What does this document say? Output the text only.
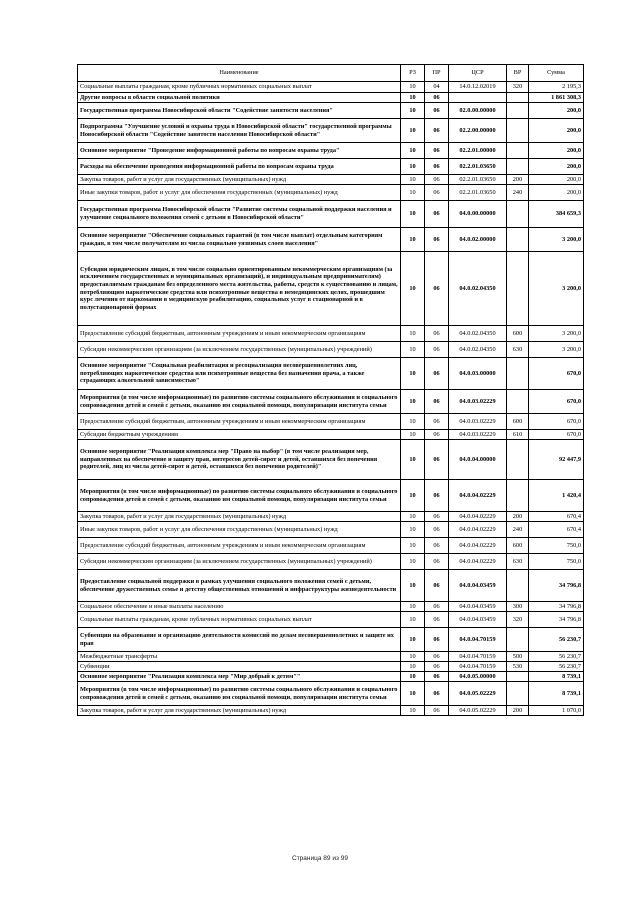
Наименование	РЗ	ПР	ЦСР	ВР	Сумма
Социальные выплаты гражданам, кроме публичных нормативных социальных выплат	10	04	14.0.12.02019	320	2 195,3
Другие вопросы в области социальной политики	10	06			1 861 308,3
Государственная программа Новосибирской области "Содействие занятости населения"	10	06	02.0.00.00000		200,0
Подпрограмма "Улучшение условий и охраны труда в Новосибирской области" государственной программы Новосибирской области "Содействие занятости населения Новосибирской области"	10	06	02.2.00.00000		200,0
Основное мероприятие "Проведение информационной работы по вопросам охраны труда"	10	06	02.2.01.00000		200,0
Расходы на обеспечение проведения информационной работы по вопросам охраны труда	10	06	02.2.01.03650		200,0
Закупка товаров, работ и услуг для государственных (муниципальных) нужд	10	06	02.2.01.03650	200	200,0
Иные закупки товаров, работ и услуг для обеспечения государственных (муниципальных) нужд	10	06	02.2.01.03650	240	200,0
Государственная программа Новосибирской области "Развитие системы социальной поддержки населения и улучшение социального положения семей с детьми в Новосибирской области"	10	06	04.0.00.00000		384 659,3
Основное мероприятие "Обеспечение социальных гарантий (в том числе выплат) отдельным категориям граждан, в том числе получателям из числа социально уязвимых слоев населения"	10	06	04.0.02.00000		3 200,0
Субсидии юридическим лицам, в том числе социально ориентированным некоммерческим организациям (за исключением государственных и муниципальных организаций), и индивидуальным предпринимателям) предоставляемым гражданам без определенного места жительства, работы, средств к существованию и лицам, потребляющим наркотические средства или психотропные вещества в немедицинских целях, прошедшим курс лечения от наркомании в медицинскую реабилитацию, социальных услуг в стационарной и в полустационарной формах	10	06	04.0.02.04350		3 200,0
Предоставление субсидий бюджетным, автономным учреждениям и иным некоммерческим организациям	10	06	04.0.02.04350	600	3 200,0
Субсидии некоммерческим организациям (за исключением государственных (муниципальных) учреждений)	10	06	04.0.02.04350	630	3 200,0
Основное мероприятие "Социальная реабилитация и ресоциализация несовершеннолетних лиц, потребляющих наркотические средства или психотропные вещества без назначения врача, а также страдающих алкогольной зависимостью"	10	06	04.0.03.00000		670,0
Мероприятия (в том числе информационные) по развитию системы социального обслуживания и социального сопровождения детей и семей с детьми, оказанию им социальной помощи, популяризации института семьи	10	06	04.0.03.02229		670,0
Предоставление субсидий бюджетным, автономным учреждениям и иным некоммерческим организациям	10	06	04.0.03.02229	600	670,0
Субсидии бюджетным учреждениям	10	06	04.0.03.02229	610	670,0
Основное мероприятие "Реализация комплекса мер "Право на выбор" (в том числе реализация мер, направленных на обеспечение и защиту прав, интересов детей-сирот и детей, оставшихся без попечения родителей, лиц из числа детей-сирот и детей, оставшихся без попечения родителей)"	10	06	04.0.04.00000		92 447,9
Мероприятия (в том числе информационные) по развитию системы социального обслуживания и социального сопровождения детей и семей с детьми, оказанию им социальной помощи, популяризации института семьи	10	06	04.0.04.02229		1 420,4
Закупка товаров, работ и услуг для государственных (муниципальных) нужд	10	06	04.0.04.02229	200	670,4
Иные закупки товаров, работ и услуг для обеспечения государственных (муниципальных) нужд	10	06	04.0.04.02229	240	670,4
Предоставление субсидий бюджетным, автономным учреждениям и иным некоммерческим организациям	10	06	04.0.04.02229	600	750,0
Субсидии некоммерческим организациям (за исключением государственных (муниципальных) учреждений)	10	06	04.0.04.02229	630	750,0
Предоставление социальной поддержки в рамках улучшения социального положения семей с детьми, обеспечение дружественных семье и детству общественных отношений и инфраструктуры жизнедеятельности	10	06	04.0.04.03459		34 796,8
Социальное обеспечение и иные выплаты населению	10	06	04.0.04.03459	300	34 796,8
Социальные выплаты гражданам, кроме публичных нормативных социальных выплат	10	06	04.0.04.03459	320	34 796,8
Субвенции на образование и организацию деятельности комиссий по делам несовершеннолетних и защите их прав	10	06	04.0.04.70159		56 230,7
Межбюджетные трансферты	10	06	04.0.04.70159	500	56 230,7
Субвенции	10	06	04.0.04.70159	530	56 230,7
Основное мероприятие "Реализация комплекса мер "Мир добрый к детям""	10	06	04.0.05.00000		8 739,1
Мероприятия (в том числе информационные) по развитию системы социального обслуживания и социального сопровождения детей и семей с детьми, оказанию им социальной помощи, популяризации института семьи	10	06	04.0.05.02229		8 739,1
Закупка товаров, работ и услуг для государственных (муниципальных) нужд	10	06	04.0.05.02229	200	1 070,0
Страница 89 из 99
